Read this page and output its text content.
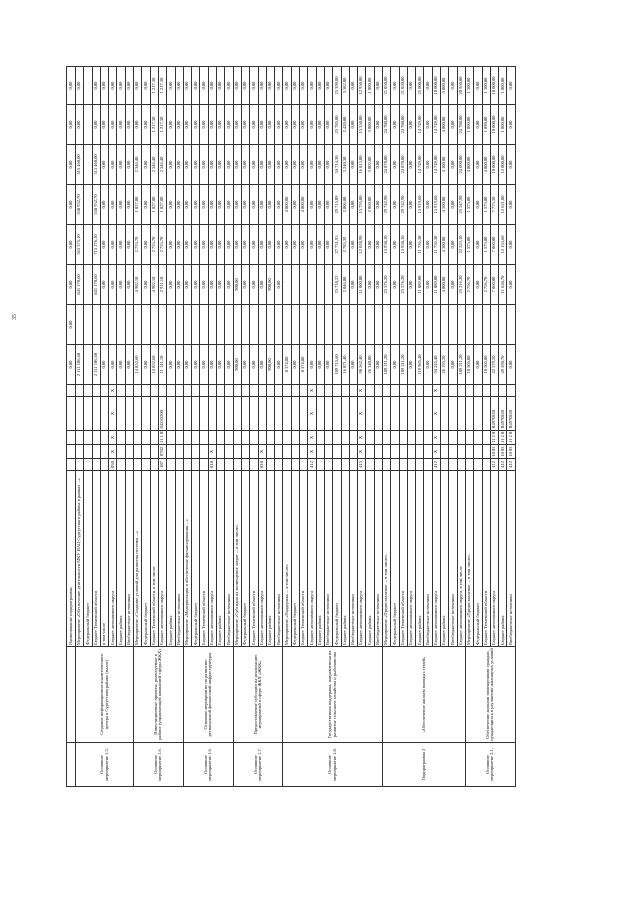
35
		Наименование подпрограммы						0,00	0,00	0,00	0,00	0,00	0,00	0,00	0,00
Основное мероприятие 1.5.	Создание информационно-аналитического центра в Сургутском районе (налог)	Мероприятие «Обеспечение деятельности МКУ ИАЦ Сургутского района в рамках ...»						2 111 106,60		841 170,60	563 375,10	538 932,70	515 460,00	0,00	0,00
		Федеральный бюджет													
		Бюджет Тюменской области						2 111 106,60		841 170,60	713 276,10	538 932,70	515 460,00	0,00	0,00
		в том числе						0,00		0,00	0,00	0,00	0,00	0,00	0,00
		Бюджет автономного округа	030	X	X	X	X	0,00		0,00	0,00	0,00	0,00	0,00	0,00
		Бюджет района						0,00		0,00	0,00	0,00	0,00	0,00	0,00
		Внебюджетные источники						0,00		0,00	0,00	0,00	0,00	0,00	0,00
Основное мероприятие 1.6.	Инвестиционные проекты, реализуемые в районе (управляющей компанией сферы ЖКХ)	Мероприятие «Создание условий для развития системы ...»						14 852,60		4 902,18	2 753,70	1 827,00	2 346,40	0,00	0,00
		Федеральный бюджет						0,00		0,00	0,00	0,00	0,00	0,00	0,00
		Бюджет Тюменской области, в том числе						14 852,60		4 902,18	2 753,70	1 827,00	2 346,40	1 217,30	1 217,30
		Бюджет автономного округа	187	0702	11 1 03 84550	200		11 141,10		2 911,18	2 753,70	1 827,00	2 346,40	1 217,30	1 217,30
		Бюджет района						0,00		0,00	0,00	0,00	0,00	0,00	0,00
		Внебюджетные источники						0,00		0,00	0,00	0,00	0,00	0,00	0,00
Основное мероприятие 1.6.	Основное мероприятие по развитию региональной финансовой инфраструктуры	Мероприятие «Модернизация и обеспечение финансирования ...»						0,00		0,00	0,00	0,00	0,00	0,00	0,00
		Федеральный бюджет						0,00		0,00	0,00	0,00	0,00	0,00	0,00
		Бюджет Тюменской области						0,00		0,00	0,00	0,00	0,00	0,00	0,00
		Бюджет автономного округа	818	X				0,00		0,00	0,00	0,00	0,00	0,00	0,00
		Бюджет района						0,00		0,00	0,00	0,00	0,00	0,00	0,00
		Внебюджетные источники						0,00		0,00	0,00	0,00	0,00	0,00	0,00
Основное мероприятие 1.7.	Предоставление субсидии на реализацию мероприятий в сфере ЖКХ «ЖКК»	Мероприятие «Субсидия на возмещение затрат ... в том числе»						900,00		900,00	0,00	0,00	0,00	0,00	0,00
		Федеральный бюджет						0,00		0,00	0,00	0,00	0,00	0,00	0,00
		Бюджет Тюменской области						0,00		0,00	0,00	0,00	0,00	0,00	0,00
		Бюджет автономного округа	818	X				0,00		0,00	0,00	0,00	0,00	0,00	0,00
		Бюджет района						900,00		900,00	0,00	0,00	0,00	0,00	0,00
		Внебюджетные источники						0,00		0,00	0,00	0,00	0,00	0,00	0,00
Основное мероприятие 1.8.	Государственная поддержка, направленная на развитие сельского хозяйства и рыболовства	Мероприятие «Поддержка ... в том числе»						8 374,80			0,00	4 800,00	0,00	0,00	0,00
		Федеральный бюджет						0,00			0,00	0,00	0,00	0,00	0,00
		Бюджет Тюменской области						8 374,80			0,00	4 800,00	0,00	0,00	0,00
		Бюджет автономного округа	412	X	X	X	X	0,00			0,00	0,00	0,00	0,00	0,00
		Бюджет района						0,00			0,00	0,00	0,00	0,00	0,00
		Внебюджетные источники						0,00			0,00	0,00	0,00	0,00	0,00
		Федеральный бюджет						189 715,60		23 718,22	27 731,95	29 715,09	34 714,30	23 785,00	25 390,00
		Бюджет района						16 871,40		2 046,00	2 783,39	2 806,00	3 240,30	2 420,00	3 582,00
		Внебюджетные источники						0,00		0,00	0,00	0,00	0,00	0,00	0,00
		Бюджет автономного округа	415	X	X	X	X	98 562,40		11 000,00	12 028,90	13 795,00	16 813,00	13 350,00	12 950,00
		Бюджет района						26 340,00		0,00	0,00	2 060,00	3 002,00	3 000,00	1 000,00
		Внебюджетные источники						0,00		0,00	0,00	0,00	0,00	0,00	0,00
Подпрограмма 2	«Обеспечение жильем молодых семей»	Мероприятие «Предоставление ... в том числе»						189 211,20		23 576,20	13 958,10	29 742,90	24 870,00	24 780,00	21 050,00
		Федеральный бюджет						0,00		0,00	0,00	0,00	0,00	0,00	0,00
		Бюджет Тюменской области						189 211,20		23 576,20	13 958,10	29 742,90	24 870,00	24 780,00	21 050,00
		Бюджет автономного округа						0,00		0,00	0,00	0,00	0,00	0,00	0,00
		Бюджет района						119 985,40		11 089,00	11 756,30	13 919,60	14 749,00	14 749,00	25 000,00
		Внебюджетные источники						0,00		0,00	0,00	0,00	0,00	0,00	0,00
		Бюджет автономного округа	412	X	X	X	X	94 245,40		11 089,00	11 756,30	13 919,60	14 749,00	14 749,00	10 000,00
		Бюджет района						26 195,20		4 000,00	4 300,00	4 500,00	4 100,00	4 000,00	5 000,00
		Внебюджетные источники						0,00		0,00	0,00	0,00	0,00	0,00	0,00
		Бюджет автономного округа, в том числе						189 211,20		25 216,20	22 523,10	25 547,90	24 090,00	24 780,00	20 950,00
Основное мероприятие 2.1.	Обеспечение жилыми помещениями граждан, нуждающихся в улучшении жилищных условий	Мероприятие «Предоставление ... в том числе»						18 505,80		2 756,70	1 575,00	1 575,00	4 800,00	1 890,00	1 500,00
		Федеральный бюджет						0,00		0,00	0,00	0,00	0,00	0,00	0,00
		Бюджет Тюменской области						18 505,80		2 756,70	1 575,00	1 575,00	4 800,00	1 890,00	1 500,00
		Бюджет автономного округа	412	10 03	11 2 01 R4970	320		42 579,20		7 060,00	7 060,00	7 775,30	10 000,00	10 000,00	10 000,00
		Бюджет района	412	10 03	11 2 01 R4970	320		49 590,70		11 658,70	12 153,60	12 621,00	12 000,00	1 000,00	1 000,00
		Внебюджетные источники	412	10 03	11 2 01 R4970	320		0,00		0,00	0,00	0,00	0,00	0,00	0,00
